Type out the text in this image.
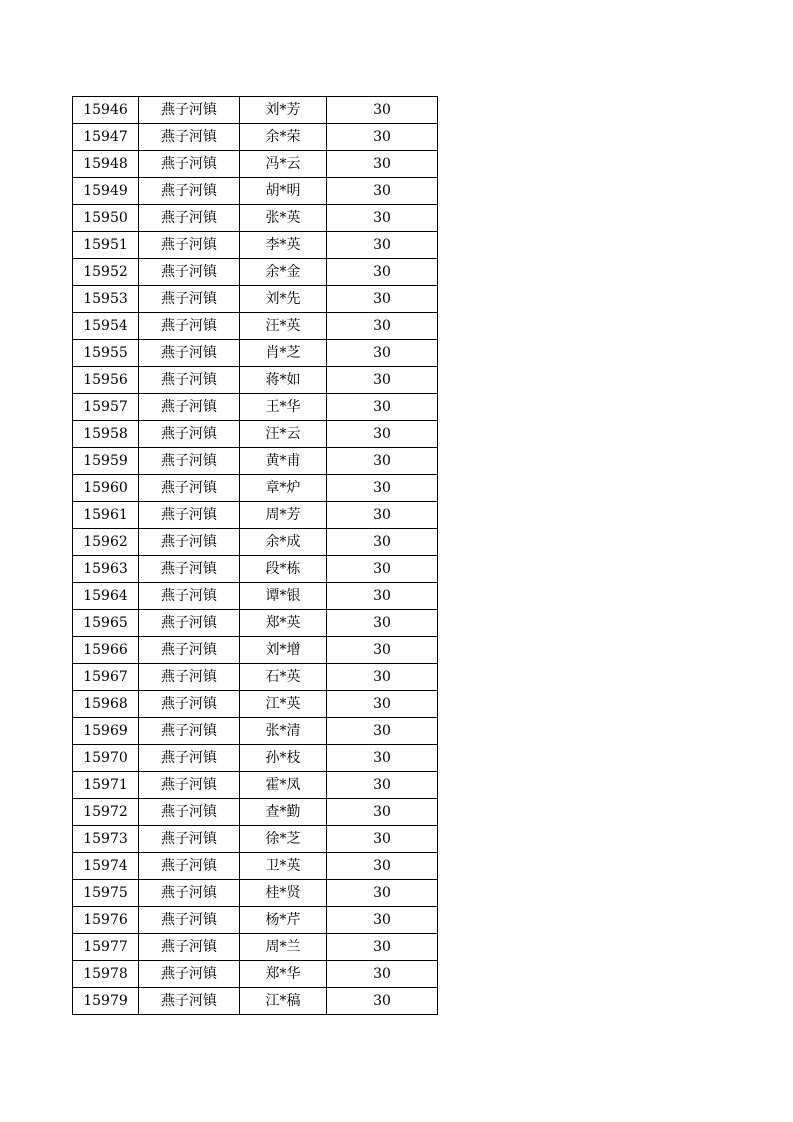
15946	燕子河镇	刘*芳	30
15947	燕子河镇	余*荣	30
15948	燕子河镇	冯*云	30
15949	燕子河镇	胡*明	30
15950	燕子河镇	张*英	30
15951	燕子河镇	李*英	30
15952	燕子河镇	余*金	30
15953	燕子河镇	刘*先	30
15954	燕子河镇	汪*英	30
15955	燕子河镇	肖*芝	30
15956	燕子河镇	蒋*如	30
15957	燕子河镇	王*华	30
15958	燕子河镇	汪*云	30
15959	燕子河镇	黄*甫	30
15960	燕子河镇	章*炉	30
15961	燕子河镇	周*芳	30
15962	燕子河镇	余*成	30
15963	燕子河镇	段*栋	30
15964	燕子河镇	谭*银	30
15965	燕子河镇	郑*英	30
15966	燕子河镇	刘*增	30
15967	燕子河镇	石*英	30
15968	燕子河镇	江*英	30
15969	燕子河镇	张*清	30
15970	燕子河镇	孙*枝	30
15971	燕子河镇	霍*凤	30
15972	燕子河镇	查*勤	30
15973	燕子河镇	徐*芝	30
15974	燕子河镇	卫*英	30
15975	燕子河镇	桂*贤	30
15976	燕子河镇	杨*芹	30
15977	燕子河镇	周*兰	30
15978	燕子河镇	郑*华	30
15979	燕子河镇	江*稿	30
